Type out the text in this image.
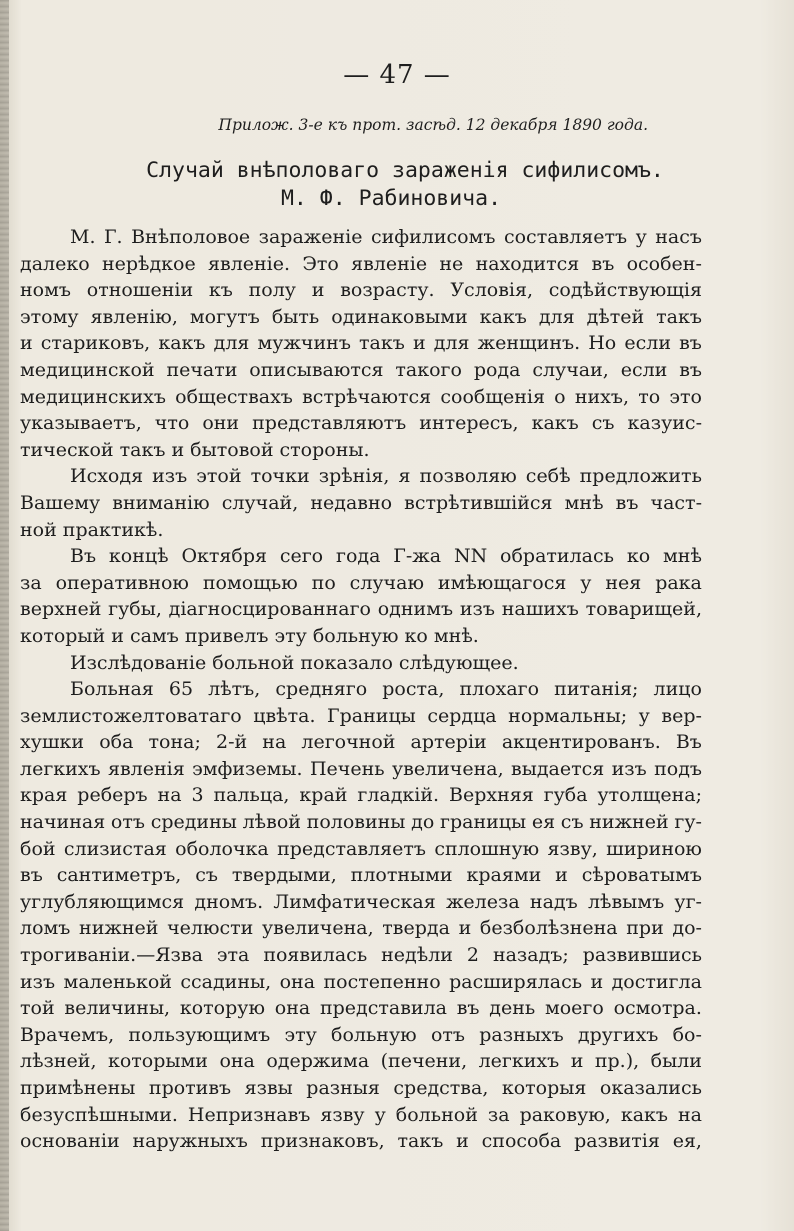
— 47 —
Прилож. 3-е къ прот. засѣд. 12 декабря 1890 года.
Случай внѣполоваго зараженія сифилисомъ.
М. Ф. Рабиновича.
М. Г. Внѣполовое зараженіе сифилисомъ составляетъ у насъ
далеко нерѣдкое явленіе. Это явленіе не находится въ особен-
номъ отношеніи къ полу и возрасту. Условія, содѣйствующія
этому явленію, могутъ быть одинаковыми какъ для дѣтей такъ
и стариковъ, какъ для мужчинъ такъ и для женщинъ. Но если въ
медицинской печати описываются такого рода случаи, если въ
медицинскихъ обществахъ встрѣчаются сообщенія о нихъ, то это
указываетъ, что они представляютъ интересъ, какъ съ казуис-
тической такъ и бытовой стороны.
Исходя изъ этой точки зрѣнія, я позволяю себѣ предложить
Вашему вниманію случай, недавно встрѣтившійся мнѣ въ част-
ной практикѣ.
Въ концѣ Октября сего года Г-жа NN обратилась ко мнѣ
за оперативною помощью по случаю имѣющагося у нея рака
верхней губы, діагносцированнаго однимъ изъ нашихъ товарищей,
который и самъ привелъ эту больную ко мнѣ.
Изслѣдованіе больной показало слѣдующее.
Больная 65 лѣтъ, средняго роста, плохаго питанія; лицо
землистожелтоватаго цвѣта. Границы сердца нормальны; у вер-
хушки оба тона; 2-й на легочной артеріи акцентированъ. Въ
легкихъ явленія эмфиземы. Печень увеличена, выдается изъ подъ
края реберъ на 3 пальца, край гладкій. Верхняя губа утолщена;
начиная отъ средины лѣвой половины до границы ея съ нижней гу-
бой слизистая оболочка представляетъ сплошную язву, шириною
въ сантиметръ, съ твердыми, плотными краями и сѣроватымъ
углубляющимся дномъ. Лимфатическая железа надъ лѣвымъ уг-
ломъ нижней челюсти увеличена, тверда и безболѣзнена при до-
трогиваніи.—Язва эта появилась недѣли 2 назадъ; развившись
изъ маленькой ссадины, она постепенно расширялась и достигла
той величины, которую она представила въ день моего осмотра.
Врачемъ, пользующимъ эту больную отъ разныхъ другихъ бо-
лѣзней, которыми она одержима (печени, легкихъ и пр.), были
примѣнены противъ язвы разныя средства, которыя оказались
безуспѣшными. Непризнавъ язву у больной за раковую, какъ на
основаніи наружныхъ признаковъ, такъ и способа развитія ея,
